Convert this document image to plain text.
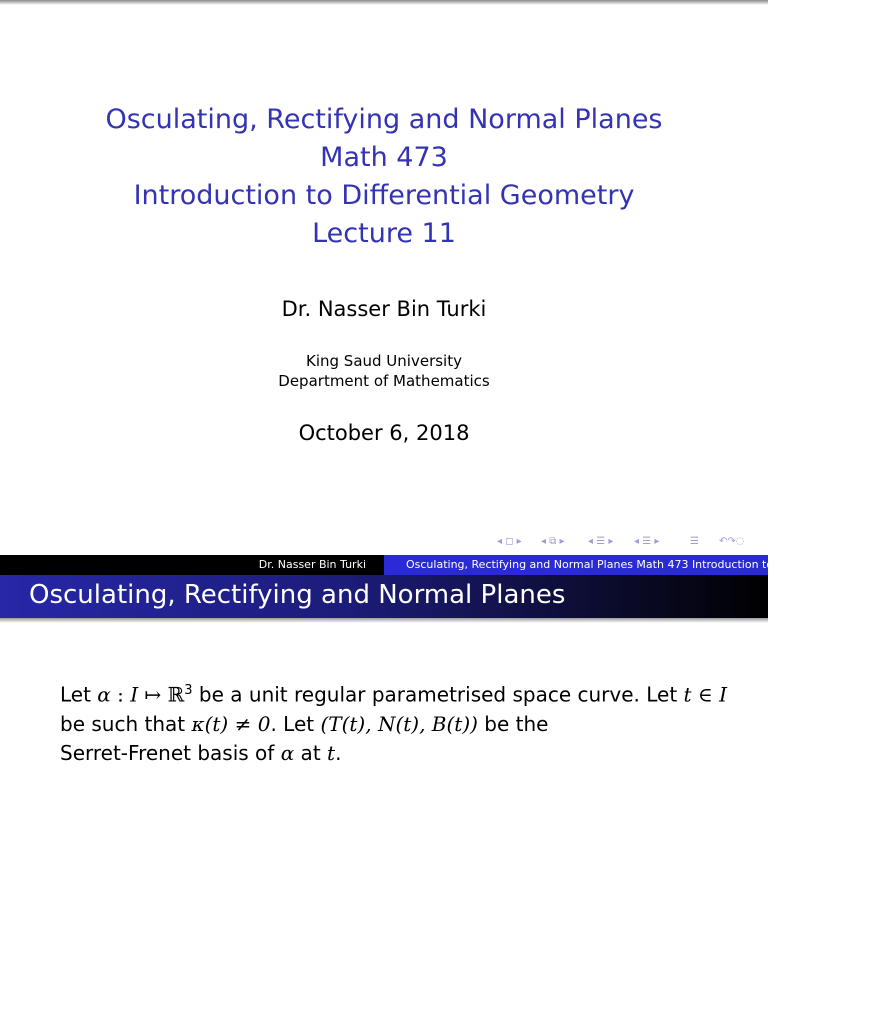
Osculating, Rectifying and Normal Planes
Math 473
Introduction to Differential Geometry
Lecture 11
Dr. Nasser Bin Turki
King Saud University
Department of Mathematics
October 6, 2018
◂ ◻ ▸ ◂ ⧉ ▸ ◂ ☰ ▸ ◂ ☰ ▸	☰ ↶↷◌
Dr. Nasser Bin Turki	Osculating, Rectifying and Normal Planes Math 473 Introduction to Differential Geometry
Osculating, Rectifying and Normal Planes
Let α : I ↦ ℝ$^3$ be a unit regular parametrised space curve. Let t ∈ I
be such that κ(t) ≠ 0. Let (T(t), N(t), B(t)) be the
Serret-Frenet basis of α at t.
